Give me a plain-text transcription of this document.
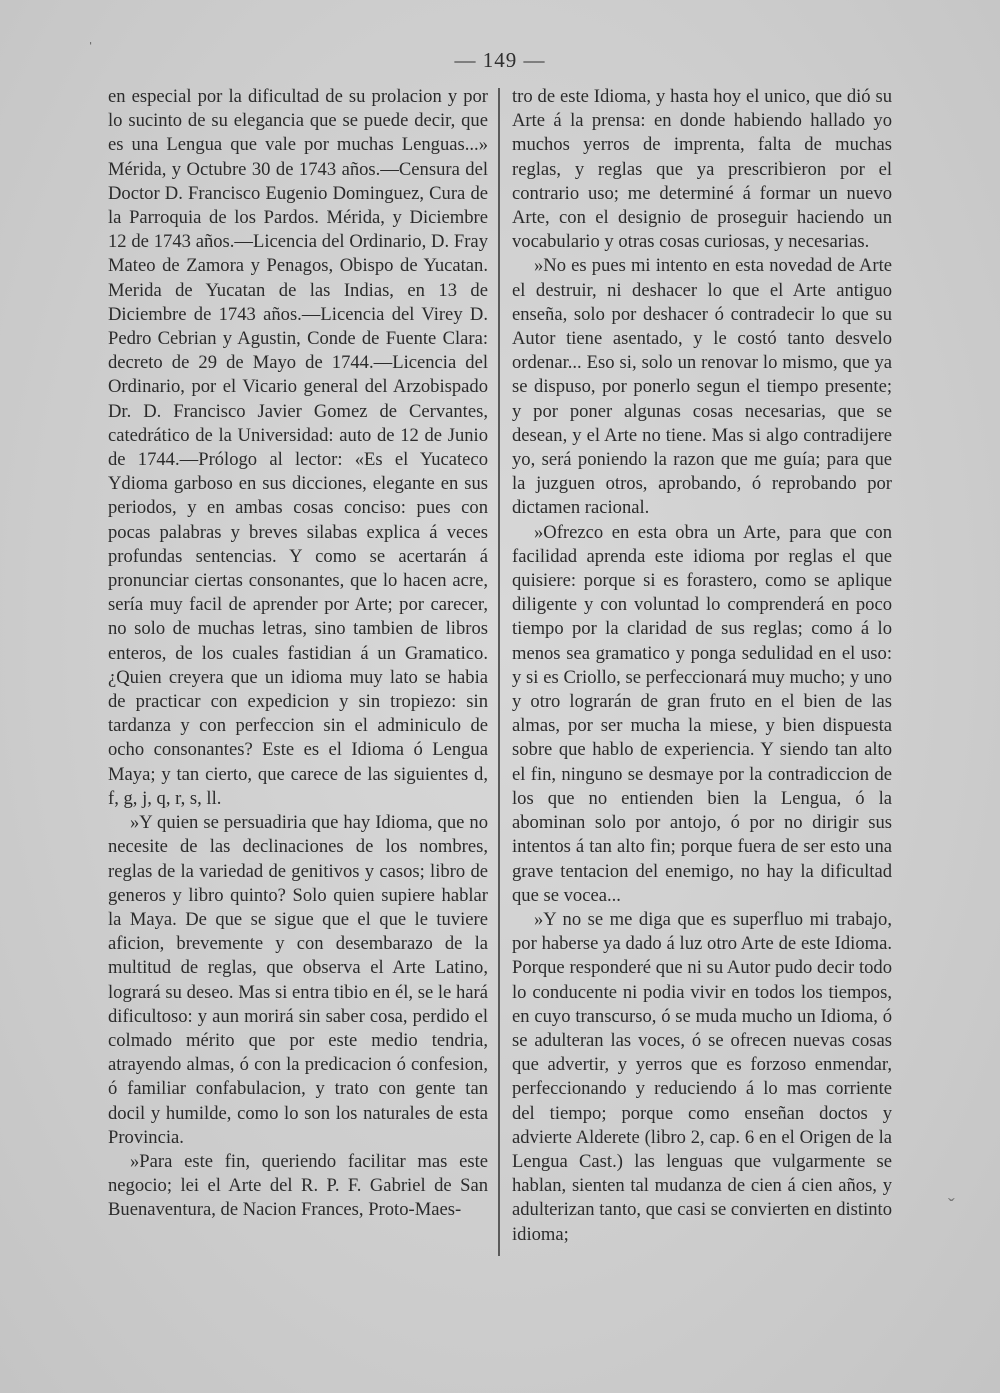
ˈ	— 149 —

en especial por la dificultad de su prolacion y por lo sucinto de su elegancia que se puede decir, que es una Lengua que vale por muchas Lenguas...» Mérida, y Octubre 30 de 1743 años.—Censura del Doctor D. Francisco Eugenio Dominguez, Cura de la Parroquia de los Pardos. Mérida, y Diciembre 12 de 1743 años.—Licencia del Ordinario, D. Fray Mateo de Zamora y Penagos, Obispo de Yucatan. Merida de Yucatan de las Indias, en 13 de Diciembre de 1743 años.—Licencia del Virey D. Pedro Cebrian y Agustin, Conde de Fuente Clara: decreto de 29 de Mayo de 1744.—Licencia del Ordinario, por el Vicario general del Arzobispado Dr. D. Francisco Javier Gomez de Cervantes, catedrático de la Universidad: auto de 12 de Junio de 1744.—Prólogo al lector: «Es el Yucateco Ydioma garboso en sus dicciones, elegante en sus periodos, y en ambas cosas conciso: pues con pocas palabras y breves silabas explica á veces profundas sentencias. Y como se acertarán á pronunciar ciertas consonantes, que lo hacen acre, sería muy facil de aprender por Arte; por carecer, no solo de muchas letras, sino tambien de libros enteros, de los cuales fastidian á un Gramatico. ¿Quien creyera que un idioma muy lato se habia de practicar con expedicion y sin tropiezo: sin tardanza y con perfeccion sin el adminiculo de ocho consonantes? Este es el Idioma ó Lengua Maya; y tan cierto, que carece de las siguientes d, f, g, j, q, r, s, ll.

»Y quien se persuadiria que hay Idioma, que no necesite de las declinaciones de los nombres, reglas de la variedad de genitivos y casos; libro de generos y libro quinto? Solo quien supiere hablar la Maya. De que se sigue que el que le tuviere aficion, brevemente y con desembarazo de la multitud de reglas, que observa el Arte Latino, logrará su deseo. Mas si entra tibio en él, se le hará dificultoso: y aun morirá sin saber cosa, perdido el colmado mérito que por este medio tendria, atrayendo almas, ó con la predicacion ó confesion, ó familiar confabulacion, y trato con gente tan docil y humilde, como lo son los naturales de esta Provincia.

»Para este fin, queriendo facilitar mas este negocio; lei el Arte del R. P. F. Gabriel de San Buenaventura, de Nacion Frances, Proto-Maes-

tro de este Idioma, y hasta hoy el unico, que dió su Arte á la prensa: en donde habiendo hallado yo muchos yerros de imprenta, falta de muchas reglas, y reglas que ya prescribieron por el contrario uso; me determiné á formar un nuevo Arte, con el designio de proseguir haciendo un vocabulario y otras cosas curiosas, y necesarias.

»No es pues mi intento en esta novedad de Arte el destruir, ni deshacer lo que el Arte antiguo enseña, solo por deshacer ó contradecir lo que su Autor tiene asentado, y le costó tanto desvelo ordenar... Eso si, solo un renovar lo mismo, que ya se dispuso, por ponerlo segun el tiempo presente; y por poner algunas cosas necesarias, que se desean, y el Arte no tiene. Mas si algo contradijere yo, será poniendo la razon que me guía; para que la juzguen otros, aprobando, ó reprobando por dictamen racional.

»Ofrezco en esta obra un Arte, para que con facilidad aprenda este idioma por reglas el que quisiere: porque si es forastero, como se aplique diligente y con voluntad lo comprenderá en poco tiempo por la claridad de sus reglas; como á lo menos sea gramatico y ponga sedulidad en el uso: y si es Criollo, se perfeccionará muy mucho; y uno y otro lograrán de gran fruto en el bien de las almas, por ser mucha la miese, y bien dispuesta sobre que hablo de experiencia. Y siendo tan alto el fin, ninguno se desmaye por la contradiccion de los que no entienden bien la Lengua, ó la abominan solo por antojo, ó por no dirigir sus intentos á tan alto fin; porque fuera de ser esto una grave tentacion del enemigo, no hay la dificultad que se vocea...

»Y no se me diga que es superfluo mi trabajo, por haberse ya dado á luz otro Arte de este Idioma. Porque responderé que ni su Autor pudo decir todo lo conducente ni podia vivir en todos los tiempos, en cuyo transcurso, ó se muda mucho un Idioma, ó se adulteran las voces, ó se ofrecen nuevas cosas que advertir, y yerros que es forzoso enmendar, perfeccionando y reduciendo á lo mas corriente del tiempo; porque como enseñan doctos y advierte Alderete (libro 2, cap. 6 en el Origen de la Lengua Cast.) las lenguas que vulgarmente se hablan, sienten tal mudanza de cien á cien años, y adulterizan tanto, que casi se convierten en distinto idioma;

ˇ
